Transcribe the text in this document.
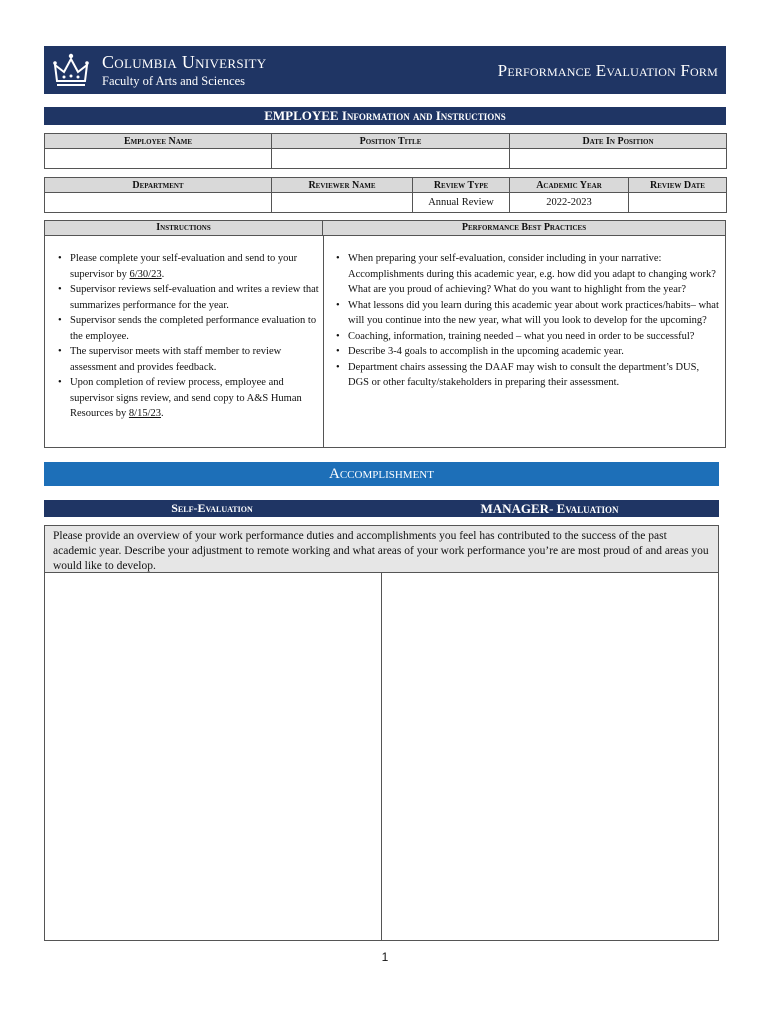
Columbia University
Faculty of Arts and Sciences
Performance Evaluation Form
EMPLOYEE Information and Instructions
Employee Name	Position Title	Date In Position

Department	Reviewer Name	Review Type	Academic Year	Review Date
		Annual Review	2022-2023	
Instructions	Performance Best Practices
• Please complete your self-evaluation and send to your supervisor by 6/30/23.
• Supervisor reviews self-evaluation and writes a review that summarizes performance for the year.
• Supervisor sends the completed performance evaluation to the employee.
• The supervisor meets with staff member to review assessment and provides feedback.
• Upon completion of review process, employee and supervisor signs review, and send copy to A&S Human Resources by 8/15/23.
• When preparing your self-evaluation, consider including in your narrative: Accomplishments during this academic year, e.g. how did you adapt to changing work? What are you proud of achieving? What do you want to highlight from the year?
• What lessons did you learn during this academic year about work practices/habits– what will you continue into the new year, what will you look to develop for the upcoming?
• Coaching, information, training needed – what you need in order to be successful?
• Describe 3-4 goals to accomplish in the upcoming academic year.
• Department chairs assessing the DAAF may wish to consult the department’s DUS, DGS or other faculty/stakeholders in preparing their assessment.
Accomplishment
Self-Evaluation	MANAGER- Evaluation
Please provide an overview of your work performance duties and accomplishments you feel has contributed to the success of the past academic year. Describe your adjustment to remote working and what areas of your work performance you’re are most proud of and areas you would like to develop.
1
